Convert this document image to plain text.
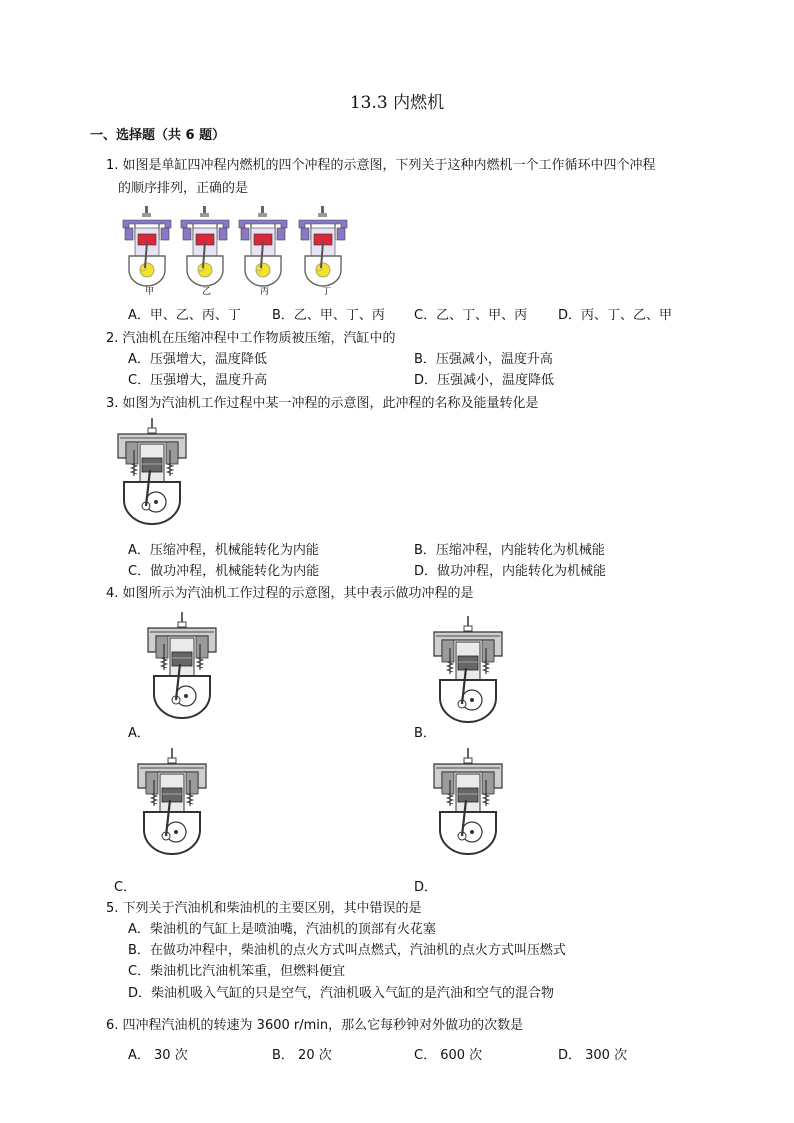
13.3 内燃机
一、选择题（共 6 题）
1. 如图是单缸四冲程内燃机的四个冲程的示意图，下列关于这种内燃机一个工作循环中四个冲程
的顺序排列，正确的是
甲	乙	丙	丁
A．甲、乙、丙、丁 B．乙、甲、丁、丙 C．乙、丁、甲、丙 D．丙、丁、乙、甲
2. 汽油机在压缩冲程中工作物质被压缩，汽缸中的
A．压强增大，温度降低	B．压强减小，温度升高
C．压强增大，温度升高	D．压强减小，温度降低
3. 如图为汽油机工作过程中某一冲程的示意图，此冲程的名称及能量转化是
A．压缩冲程，机械能转化为内能	B．压缩冲程，内能转化为机械能
C．做功冲程，机械能转化为内能	D．做功冲程，内能转化为机械能
4. 如图所示为汽油机工作过程的示意图，其中表示做功冲程的是
A．	B．
C．	D．
5. 下列关于汽油机和柴油机的主要区别，其中错误的是
A．柴油机的气缸上是喷油嘴，汽油机的顶部有火花塞
B．在做功冲程中，柴油机的点火方式叫点燃式，汽油机的点火方式叫压燃式
C．柴油机比汽油机笨重，但燃料便宜
D．柴油机吸入气缸的只是空气，汽油机吸入气缸的是汽油和空气的混合物
6. 四冲程汽油机的转速为 3600 r/min，那么它每秒钟对外做功的次数是
A． 30 次	B． 20 次	C． 600 次	D． 300 次
